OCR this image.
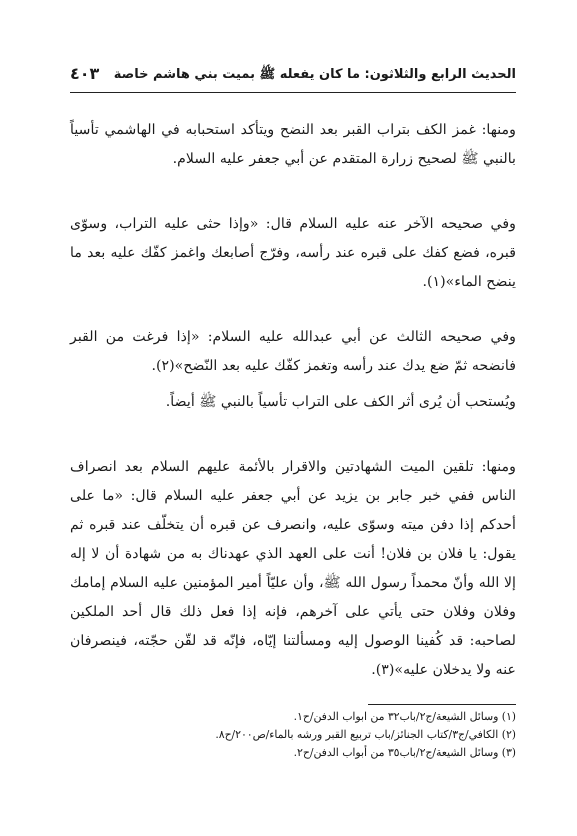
الحديث الرابع والثلاثون: ما كان يفعله ﷺ بميت بني هاشم خاصة
٤٠٣

ومنها: غمز الكف بتراب القبر بعد النضح ويتأكد استحبابه في الهاشمي تأسياً بالنبي ﷺ لصحيح زرارة المتقدم عن أبي جعفر عليه السلام.

وفي صحيحه الآخر عنه عليه السلام قال: «وإذا حثى عليه التراب، وسوّى قبره، فضع كفك على قبره عند رأسه، وفرّج أصابعك واغمز كفّك عليه بعد ما ينضح الماء»(١).

وفي صحيحه الثالث عن أبي عبدالله عليه السلام: «إذا فرغت من القبر فانضحه ثمّ ضع يدك عند رأسه وتغمز كفّك عليه بعد النّضح»(٢).

ويُستحب أن يُرى أثر الكف على التراب تأسياً بالنبي ﷺ أيضاً.

ومنها: تلقين الميت الشهادتين والاقرار بالأئمة عليهم السلام بعد انصراف الناس ففي خبر جابر بن يزيد عن أبي جعفر عليه السلام قال: «ما على أحدكم إذا دفن ميته وسوّى عليه، وانصرف عن قبره أن يتخلّف عند قبره ثم يقول: يا فلان بن فلان! أنت على العهد الذي عهدناك به من شهادة أن لا إله إلا الله وأنّ محمداً رسول الله ﷺ، وأن عليّاً أمير المؤمنين عليه السلام إمامك وفلان وفلان حتى يأتي على آخرهم، فإنه إذا فعل ذلك قال أحد الملكين لصاحبه: قد كُفينا الوصول إليه ومسألتنا إيّاه، فإنّه قد لقّن حجّته، فينصرفان عنه ولا يدخلان عليه»(٣).

(١) وسائل الشيعة/ج٢/باب٣٢ من ابواب الدفن/ح١.

(٢) الكافي/ج٣/كتاب الجنائز/باب تربيع القبر ورشه بالماء/ص٢٠٠/ح٨.

(٣) وسائل الشيعة/ج٢/باب٣٥ من أبواب الدفن/ح٢.
